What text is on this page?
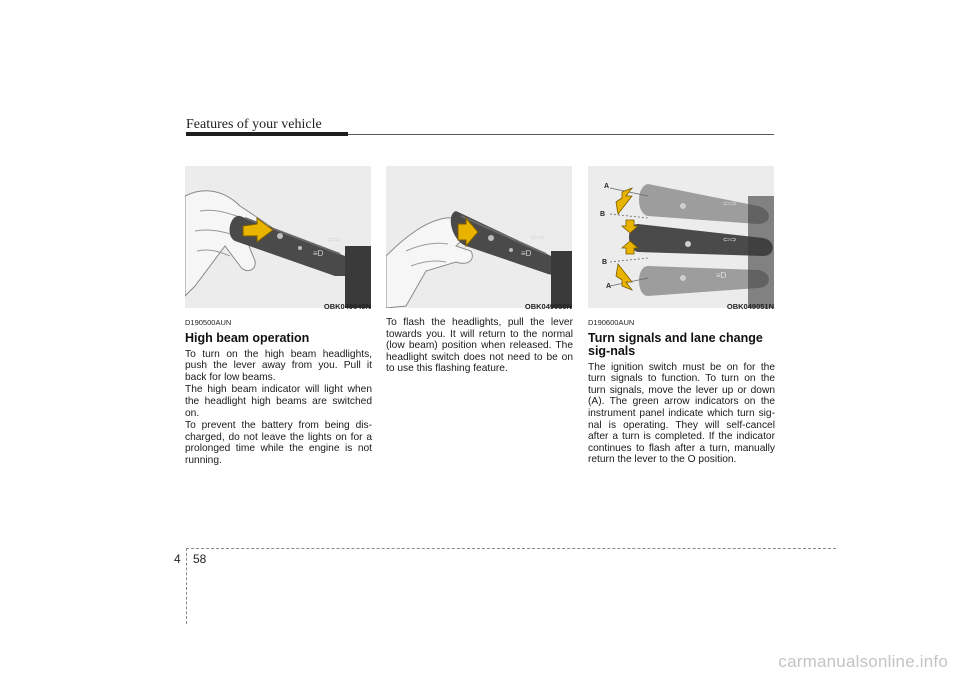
Features of your vehicle
≡D
⇦⇨
OBK049049N
≡D
⇦⇨
OBK049050N
⇦⇨
⇦⇨
≡D
A
B
B
A
OBK049051N
D190500AUN
High beam operation

To turn on the high beam headlights, push the lever away from you. Pull it back for low beams.

The high beam indicator will light when the headlight high beams are switched on.

To prevent the battery from being dis-charged, do not leave the lights on for a prolonged time while the engine is not running.

To flash the headlights, pull the lever towards you. It will return to the normal (low beam) position when released. The headlight switch does not need to be on to use this flashing feature.

D190600AUN
Turn signals and lane change sig-nals

The ignition switch must be on for the turn signals to function. To turn on the turn signals, move the lever up or down (A). The green arrow indicators on the instrument panel indicate which turn sig-nal is operating. They will self-cancel after a turn is completed. If the indicator continues to flash after a turn, manually return the lever to the O position.

4 58
carmanualsonline.info
